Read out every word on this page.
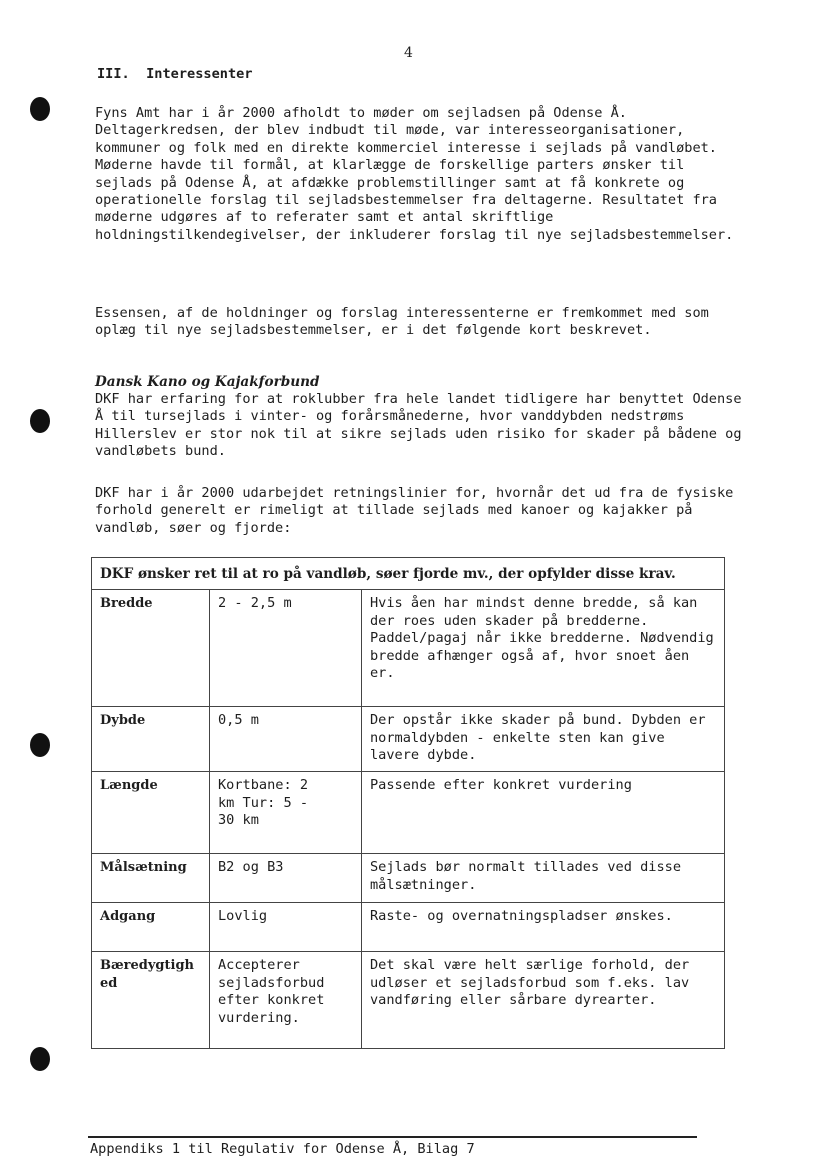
4
III.  Interessenter

Fyns Amt har i år 2000 afholdt to møder om sejladsen på Odense Å. Deltagerkredsen, der blev indbudt til møde, var interesseorganisationer, kommuner og folk med en direkte kommerciel interesse i sejlads på vandløbet. Møderne havde til formål, at klarlægge de forskellige parters ønsker til sejlads på Odense Å, at afdække problemstillinger samt at få konkrete og operationelle forslag til sejladsbestemmelser fra deltagerne. Resultatet fra møderne udgøres af to referater samt et antal skriftlige holdningstilkendegivelser, der inkluderer forslag til nye sejladsbestemmelser.

Essensen, af de holdninger og forslag interessenterne er fremkommet med som oplæg til nye sejladsbestemmelser, er i det følgende kort beskrevet.

Dansk Kano og Kajakforbund

DKF har erfaring for at roklubber fra hele landet tidligere har benyttet Odense Å til tursejlads i vinter- og forårsmånederne, hvor vanddybden nedstrøms Hillerslev er stor nok til at sikre sejlads uden risiko for skader på bådene og vandløbets bund.

DKF har i år 2000 udarbejdet retningslinier for, hvornår det ud fra de fysiske forhold generelt er rimeligt at tillade sejlads med kanoer og kajakker på vandløb, søer og fjorde:

DKF ønsker ret til at ro på vandløb, søer fjorde mv., der opfylder disse krav.		
Bredde	2 - 2,5 m	Hvis åen har mindst denne bredde, så kan der roes uden skader på bredderne. Paddel/pagaj når ikke bredderne. Nødvendig bredde afhænger også af, hvor snoet åen er.
Dybde	0,5 m	Der opstår ikke skader på bund. Dybden er normaldybden - enkelte sten kan give lavere dybde.
Længde	Kortbane: 2 km Tur: 5 - 30 km	Passende efter konkret vurdering
Målsætning	B2 og B3	Sejlads bør normalt tillades ved disse målsætninger.
Adgang	Lovlig	Raste- og overnatningspladser ønskes.
Bæredygtighed	Accepterer sejladsforbud efter konkret vurdering.	Det skal være helt særlige forhold, der udløser et sejladsforbud som f.eks. lav vandføring eller sårbare dyrearter.
Appendiks 1 til Regulativ for Odense Å, Bilag 7
